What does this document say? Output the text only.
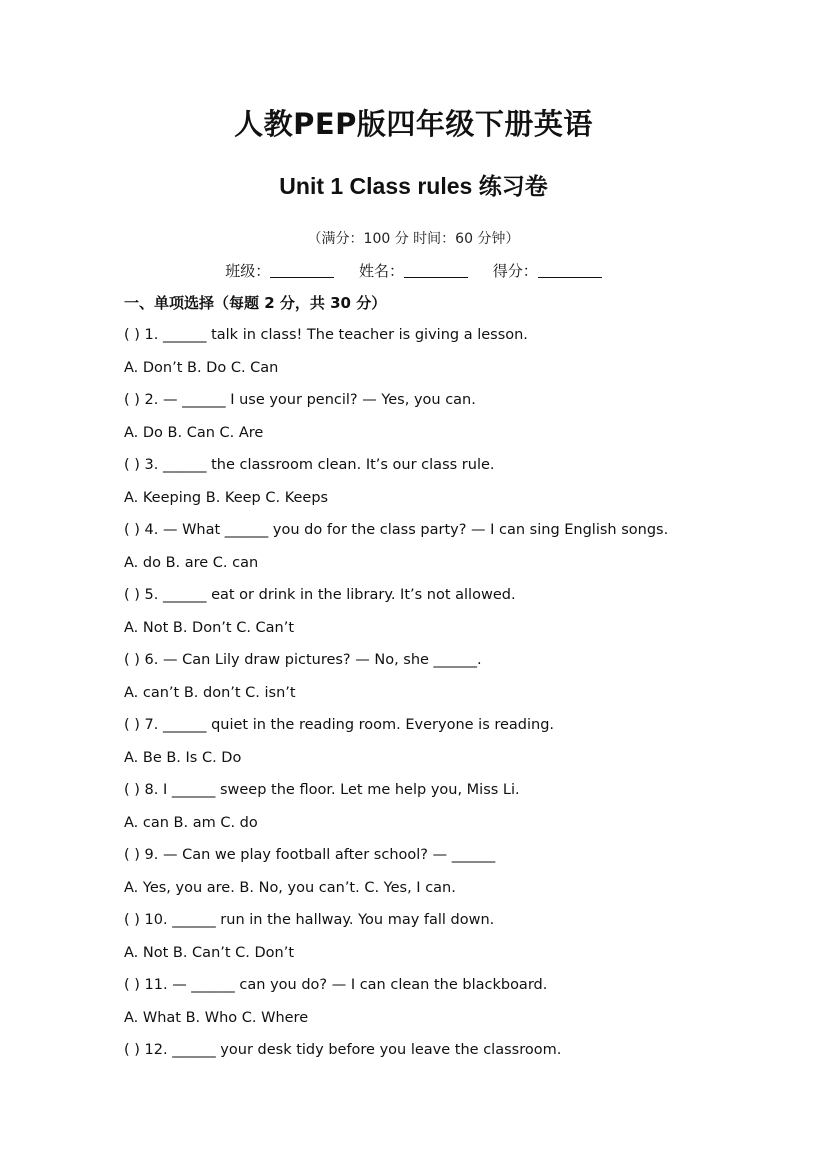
人教PEP版四年级下册英语
Unit 1 Class rules 练习卷
（满分：100 分 时间：60 分钟）
班级：	姓名：	得分：
一、单项选择（每题 2 分，共 30 分）
( ) 1. ______ talk in class! The teacher is giving a lesson.
A. Don’t B. Do C. Can
( ) 2. — ______ I use your pencil? — Yes, you can.
A. Do B. Can C. Are
( ) 3. ______ the classroom clean. It’s our class rule.
A. Keeping B. Keep C. Keeps
( ) 4. — What ______ you do for the class party? — I can sing English songs.
A. do B. are C. can
( ) 5. ______ eat or drink in the library. It’s not allowed.
A. Not B. Don’t C. Can’t
( ) 6. — Can Lily draw pictures? — No, she ______.
A. can’t B. don’t C. isn’t
( ) 7. ______ quiet in the reading room. Everyone is reading.
A. Be B. Is C. Do
( ) 8. I ______ sweep the floor. Let me help you, Miss Li.
A. can B. am C. do
( ) 9. — Can we play football after school? — ______
A. Yes, you are. B. No, you can’t. C. Yes, I can.
( ) 10. ______ run in the hallway. You may fall down.
A. Not B. Can’t C. Don’t
( ) 11. — ______ can you do? — I can clean the blackboard.
A. What B. Who C. Where
( ) 12. ______ your desk tidy before you leave the classroom.
